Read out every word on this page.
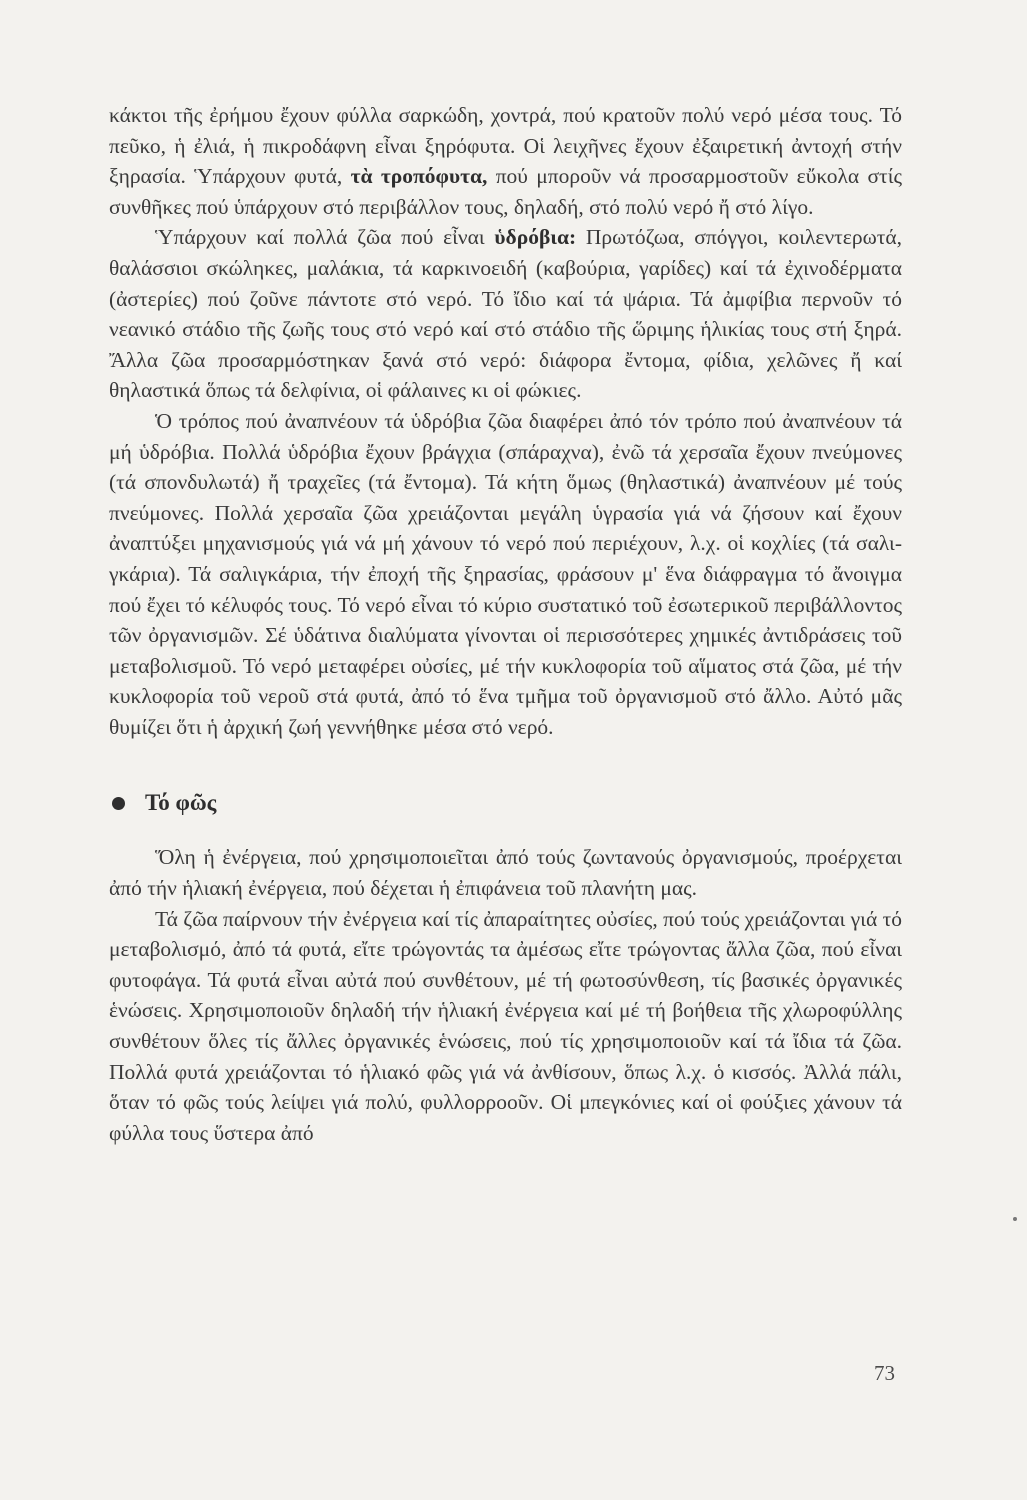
κάκτοι τῆς ἐρήμου ἔχουν φύλλα σαρκώδη, χοντρά, πού κρατοῦν πολύ νερό μέσα τους. Τό πεῦκο, ἡ ἐλιά, ἡ πικροδάφνη εἶναι ξηρόφυτα. Οἱ λειχῆνες ἔχουν ἐξαιρετική ἀντοχή στήν ξηρασία. Ὑπάρχουν φυτά, τὰ τροπόφυτα, πού μποροῦν νά προσαρμοστοῦν εὔκολα στίς συνθῆκες πού ὑπάρχουν στό περιβάλλον τους, δηλαδή, στό πολύ νερό ἤ στό λίγο.

Ὑπάρχουν καί πολλά ζῶα πού εἶναι ὑδρόβια: Πρωτόζωα, σπόγγοι, κοιλεντερωτά, θαλάσσιοι σκώληκες, μαλάκια, τά καρκινοειδή (καβούρια, γαρίδες) καί τά ἐχινοδέρματα (ἀστερίες) πού ζοῦνε πάντοτε στό νερό. Τό ἴδιο καί τά ψάρια. Τά ἀμφίβια περνοῦν τό νεανικό στάδιο τῆς ζωῆς τους στό νερό καί στό στάδιο τῆς ὥριμης ἡλικίας τους στή ξηρά. Ἄλλα ζῶα προσαρμόστηκαν ξανά στό νερό: διάφορα ἔντομα, φίδια, χελῶνες ἤ καί θηλαστικά ὅπως τά δελφίνια, οἱ φάλαινες κι οἱ φώκιες.

Ὁ τρόπος πού ἀναπνέουν τά ὑδρόβια ζῶα διαφέρει ἀπό τόν τρόπο πού ἀναπνέουν τά μή ὑδρόβια. Πολλά ὑδρόβια ἔχουν βράγχια (σπάραχνα), ἐνῶ τά χερσαῖα ἔχουν πνεύμονες (τά σπονδυλωτά) ἤ τραχεῖες (τά ἔντομα). Τά κήτη ὅμως (θηλαστικά) ἀναπνέουν μέ τούς πνεύμονες. Πολλά χερσαῖα ζῶα χρειάζονται μεγάλη ὑγρασία γιά νά ζήσουν καί ἔχουν ἀναπτύξει μηχανισμούς γιά νά μή χάνουν τό νερό πού περιέχουν, λ.χ. οἱ κοχλίες (τά σαλιγκάρια). Τά σαλιγκάρια, τήν ἐποχή τῆς ξηρασίας, φράσουν μ' ἕνα διάφραγμα τό ἄνοιγμα πού ἔχει τό κέλυφός τους. Τό νερό εἶναι τό κύριο συστατικό τοῦ ἐσωτερικοῦ περιβάλλοντος τῶν ὀργανισμῶν. Σέ ὑδάτινα διαλύματα γίνονται οἱ περισσότερες χημικές ἀντιδράσεις τοῦ μεταβολισμοῦ. Τό νερό μεταφέρει οὐσίες, μέ τήν κυκλοφορία τοῦ αἵματος στά ζῶα, μέ τήν κυκλοφορία τοῦ νεροῦ στά φυτά, ἀπό τό ἕνα τμῆμα τοῦ ὀργανισμοῦ στό ἄλλο. Αὐτό μᾶς θυμίζει ὅτι ἡ ἀρχική ζωή γεννήθηκε μέσα στό νερό.

Τό φῶς

Ὅλη ἡ ἐνέργεια, πού χρησιμοποιεῖται ἀπό τούς ζωντανούς ὀργανισμούς, προέρχεται ἀπό τήν ἡλιακή ἐνέργεια, πού δέχεται ἡ ἐπιφάνεια τοῦ πλανήτη μας.

Τά ζῶα παίρνουν τήν ἐνέργεια καί τίς ἀπαραίτητες οὐσίες, πού τούς χρειάζονται γιά τό μεταβολισμό, ἀπό τά φυτά, εἴτε τρώγοντάς τα ἀμέσως εἴτε τρώγοντας ἄλλα ζῶα, πού εἶναι φυτοφάγα. Τά φυτά εἶναι αὐτά πού συνθέτουν, μέ τή φωτοσύνθεση, τίς βασικές ὀργανικές ἑνώσεις. Χρησιμοποιοῦν δηλαδή τήν ἡλιακή ἐνέργεια καί μέ τή βοήθεια τῆς χλωροφύλλης συνθέτουν ὅλες τίς ἄλλες ὀργανικές ἑνώσεις, πού τίς χρησιμοποιοῦν καί τά ἴδια τά ζῶα. Πολλά φυτά χρειάζονται τό ἡλιακό φῶς γιά νά ἀνθίσουν, ὅπως λ.χ. ὁ κισσός. Ἀλλά πάλι, ὅταν τό φῶς τούς λείψει γιά πολύ, φυλλορροοῦν. Οἱ μπεγκόνιες καί οἱ φούξιες χάνουν τά φύλλα τους ὕστερα ἀπό

73
